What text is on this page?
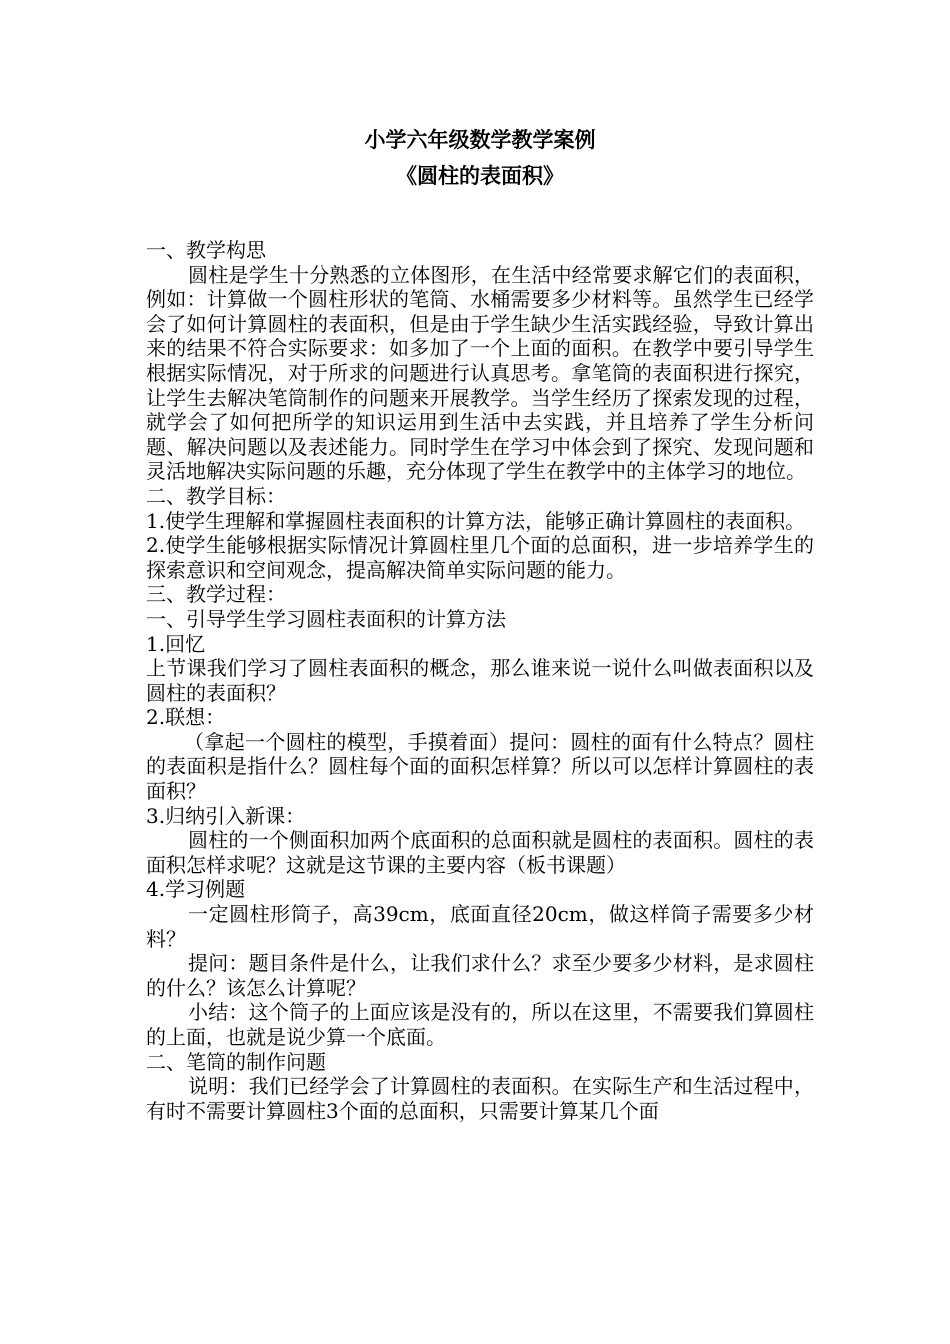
小学六年级数学教学案例
《圆柱的表面积》

一、教学构思

圆柱是学生十分熟悉的立体图形，在生活中经常要求解它们的表面积，例如：计算做一个圆柱形状的笔筒、水桶需要多少材料等。虽然学生已经学会了如何计算圆柱的表面积，但是由于学生缺少生活实践经验，导致计算出来的结果不符合实际要求：如多加了一个上面的面积。在教学中要引导学生根据实际情况，对于所求的问题进行认真思考。拿笔筒的表面积进行探究，让学生去解决笔筒制作的问题来开展教学。当学生经历了探索发现的过程，就学会了如何把所学的知识运用到生活中去实践，并且培养了学生分析问题、解决问题以及表述能力。同时学生在学习中体会到了探究、发现问题和灵活地解决实际问题的乐趣，充分体现了学生在教学中的主体学习的地位。

二、教学目标：

1.使学生理解和掌握圆柱表面积的计算方法，能够正确计算圆柱的表面积。

2.使学生能够根据实际情况计算圆柱里几个面的总面积，进一步培养学生的探索意识和空间观念，提高解决简单实际问题的能力。

三、教学过程：

一、引导学生学习圆柱表面积的计算方法

1.回忆

上节课我们学习了圆柱表面积的概念，那么谁来说一说什么叫做表面积以及圆柱的表面积？

2.联想：

（拿起一个圆柱的模型，手摸着面）提问：圆柱的面有什么特点？圆柱的表面积是指什么？圆柱每个面的面积怎样算？所以可以怎样计算圆柱的表面积？

3.归纳引入新课：

圆柱的一个侧面积加两个底面积的总面积就是圆柱的表面积。圆柱的表面积怎样求呢？这就是这节课的主要内容（板书课题）

4.学习例题

一定圆柱形筒子，高39cm，底面直径20cm，做这样筒子需要多少材料？

提问：题目条件是什么，让我们求什么？求至少要多少材料，是求圆柱的什么？该怎么计算呢？

小结：这个筒子的上面应该是没有的，所以在这里，不需要我们算圆柱的上面，也就是说少算一个底面。

二、笔筒的制作问题

说明：我们已经学会了计算圆柱的表面积。在实际生产和生活过程中，有时不需要计算圆柱3个面的总面积，只需要计算某几个面
